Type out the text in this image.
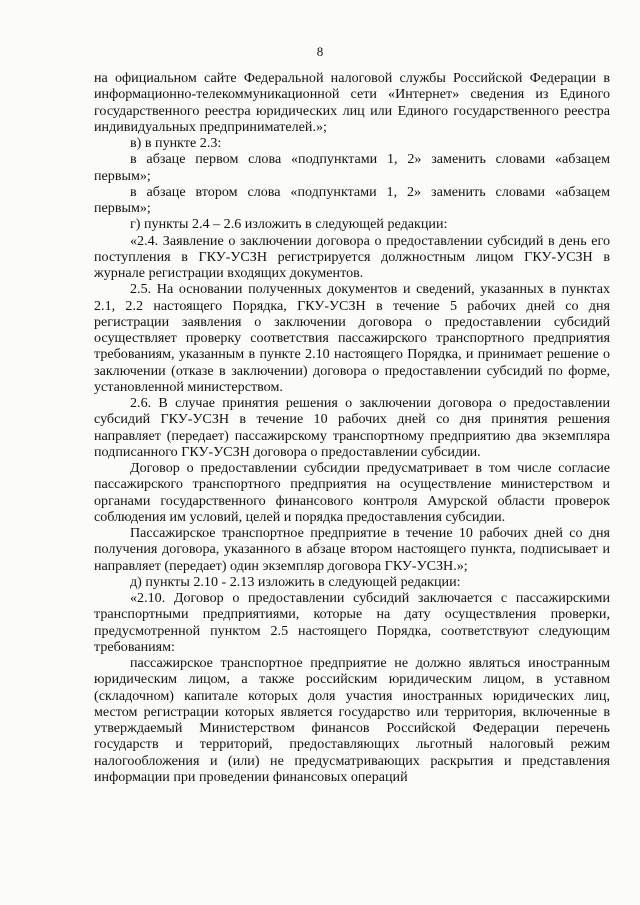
8

на официальном сайте Федеральной налоговой службы Российской Федерации в информационно-телекоммуникационной сети «Интернет» сведения из Единого государственного реестра юридических лиц или Единого государственного реестра индивидуальных предпринимателей.»;

в) в пункте 2.3:

в абзаце первом слова «подпунктами 1, 2» заменить словами «абзацем первым»;

в абзаце втором слова «подпунктами 1, 2» заменить словами «абзацем первым»;

г) пункты 2.4 – 2.6 изложить в следующей редакции:

«2.4. Заявление о заключении договора о предоставлении субсидий в день его поступления в ГКУ-УСЗН регистрируется должностным лицом ГКУ-УСЗН в журнале регистрации входящих документов.

2.5. На основании полученных документов и сведений, указанных в пунктах 2.1, 2.2 настоящего Порядка, ГКУ-УСЗН в течение 5 рабочих дней со дня регистрации заявления о заключении договора о предоставлении субсидий осуществляет проверку соответствия пассажирского транспортного предприятия требованиям, указанным в пункте 2.10 настоящего Порядка, и принимает решение о заключении (отказе в заключении) договора о предоставлении субсидий по форме, установленной министерством.

2.6. В случае принятия решения о заключении договора о предоставлении субсидий ГКУ-УСЗН в течение 10 рабочих дней со дня принятия решения направляет (передает) пассажирскому транспортному предприятию два экземпляра подписанного ГКУ-УСЗН договора о предоставлении субсидии.

Договор о предоставлении субсидии предусматривает в том числе согласие пассажирского транспортного предприятия на осуществление министерством и органами государственного финансового контроля Амурской области проверок соблюдения им условий, целей и порядка предоставления субсидии.

Пассажирское транспортное предприятие в течение 10 рабочих дней со дня получения договора, указанного в абзаце втором настоящего пункта, подписывает и направляет (передает) один экземпляр договора ГКУ-УСЗН.»;

д) пункты 2.10 - 2.13 изложить в следующей редакции:

«2.10. Договор о предоставлении субсидий заключается с пассажирскими транспортными предприятиями, которые на дату осуществления проверки, предусмотренной пунктом 2.5 настоящего Порядка, соответствуют следующим требованиям:

пассажирское транспортное предприятие не должно являться иностранным юридическим лицом, а также российским юридическим лицом, в уставном (складочном) капитале которых доля участия иностранных юридических лиц, местом регистрации которых является государство или территория, включенные в утверждаемый Министерством финансов Российской Федерации перечень государств и территорий, предоставляющих льготный налоговый режим налогообложения и (или) не предусматривающих раскрытия и представления информации при проведении финансовых операций
